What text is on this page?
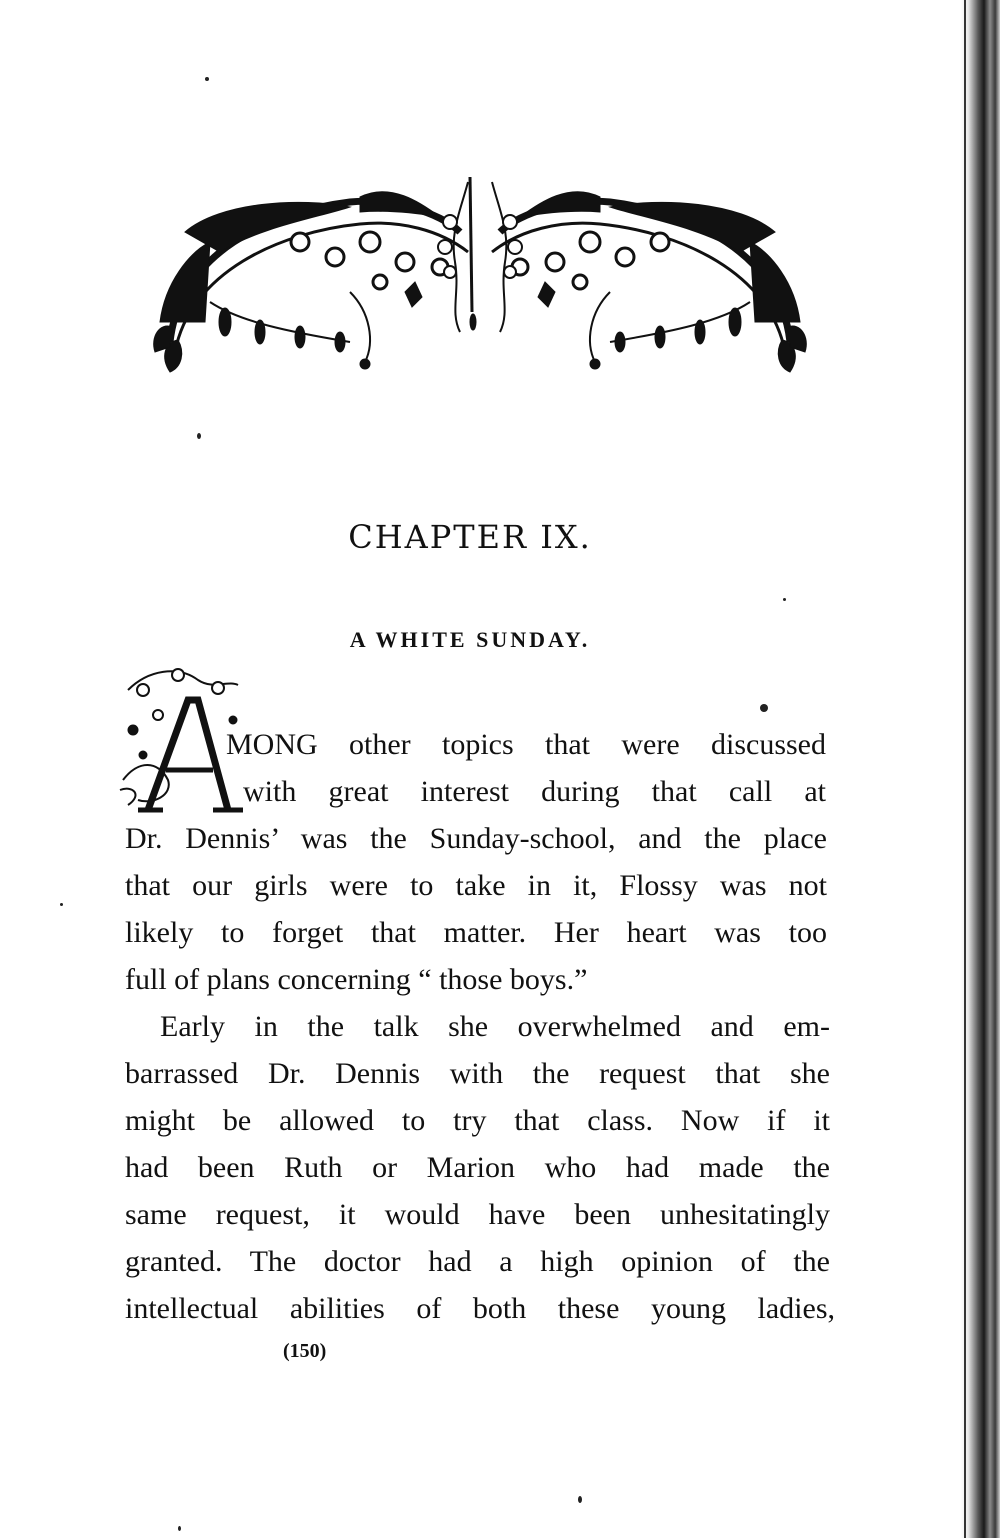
CHAPTER IX.
A WHITE SUNDAY.
MONG other topics that were discussed
with great interest during that call at
Dr. Dennis’ was the Sunday-school, and the place
that our girls were to take in it, Flossy was not
likely to forget that matter. Her heart was too
full of plans concerning “ those boys.”
Early in the talk she overwhelmed and em-
barrassed Dr. Dennis with the request that she
might be allowed to try that class. Now if it
had been Ruth or Marion who had made the
same request, it would have been unhesitatingly
granted. The doctor had a high opinion of the
intellectual abilities of both these young ladies,
(150)
